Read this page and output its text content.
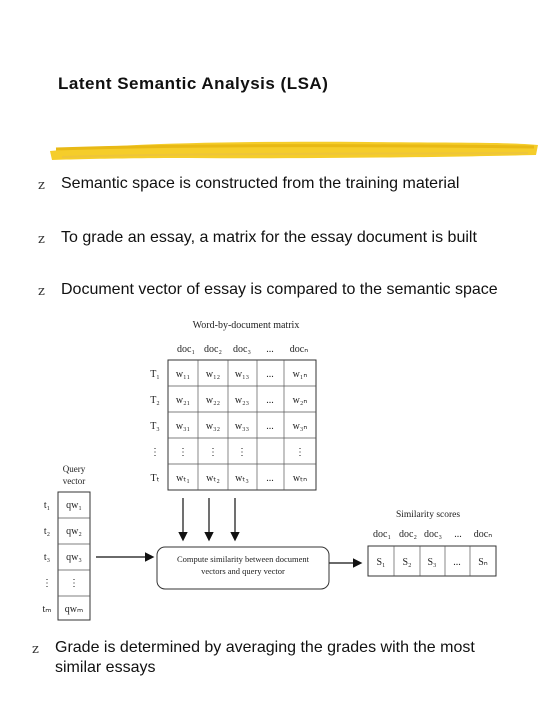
Latent Semantic Analysis (LSA)
z Semantic space is constructed from the training material
z To grade an essay, a matrix for the essay document is built
z Document vector of essay is compared to the semantic space
z Grade is determined by averaging the grades with the most similar essays
Word-by-document matrix
doc₁ doc₂ doc₃ ... docₙ
T₁
T₂
T₃
⋮
Tₜ
w₁₁ w₁₂ w₁₃ ... w₁ₙ
w₂₁ w₂₂ w₂₃ ... w₂ₙ
w₃₁ w₃₂ w₃₃ ... w₃ₙ
⋮ ⋮ ⋮	⋮
wₜ₁ wₜ₂ wₜ₃ ... wₜₙ
Query
vector
t₁
t₂
t₃
⋮
tₘ
qw₁
qw₂
qw₃
⋮
qwₘ
Compute similarity between document
vectors and query vector
Similarity scores
doc₁ doc₂ doc₃ ... docₙ
S₁ S₂ S₃ ... Sₙ
